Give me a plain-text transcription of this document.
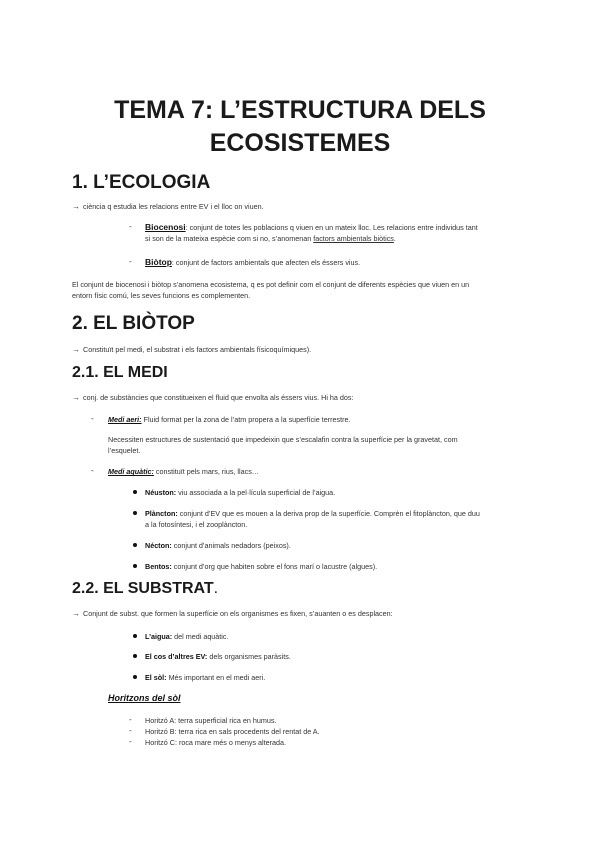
TEMA 7: L’ESTRUCTURA DELS
ECOSISTEMES
1. L’ECOLOGIA
→ ciència q estudia les relacions entre EV i el lloc on viuen.
- Biocenosi: conjunt de totes les poblacions q viuen en un mateix lloc. Les relacions entre individus tant
si son de la mateixa espècie com si no, s’anomenan factors ambientals biòtics.
- Biòtop: conjunt de factors ambientals que afecten els éssers vius.
El conjunt de biocenosi i biòtop s’anomena ecosistema, q es pot definir com el conjunt de diferents espècies que viuen en un
entorn físic comú, les seves funcions es complementen.
2. EL BIÒTOP
→ Constituït pel medi, el substrat i els factors ambientals físicoquímiques).
2.1. EL MEDI
→ conj. de substàncies que constitueixen el fluid que envolta als éssers vius. Hi ha dos:
- Medi aeri: Fluid format per la zona de l’atm propera a la superfície terrestre.
Necessiten estructures de sustentació que impedeixin que s’escalafin contra la superfície per la gravetat, com
l’esquelet.
- Medi aquàtic: constituït pels mars, rius, llacs…
Néuston: viu associada a la pel·lícula superficial de l’aigua.
Plàncton: conjunt d’EV que es mouen a la deriva prop de la superfície. Comprèn el fitoplàncton, que duu
a la fotosíntesi, i el zooplàncton.
Nécton: conjunt d’animals nedadors (peixos).
Bentos: conjunt d’org que habiten sobre el fons marí o lacustre (algues).
2.2. EL SUBSTRAT.
→ Conjunt de subst. que formen la superfície on els organismes es fixen, s’auanten o es desplacen:
L’aigua: del medi aquàtic.
El cos d’altres EV: dels organismes paràsits.
El sòl: Més important en el medi aeri.
Horitzons del sòl
- Horitzó A: terra superficial rica en humus.
- Horitzó B: terra rica en sals procedents del rentat de A.
- Horitzó C: roca mare més o menys alterada.
